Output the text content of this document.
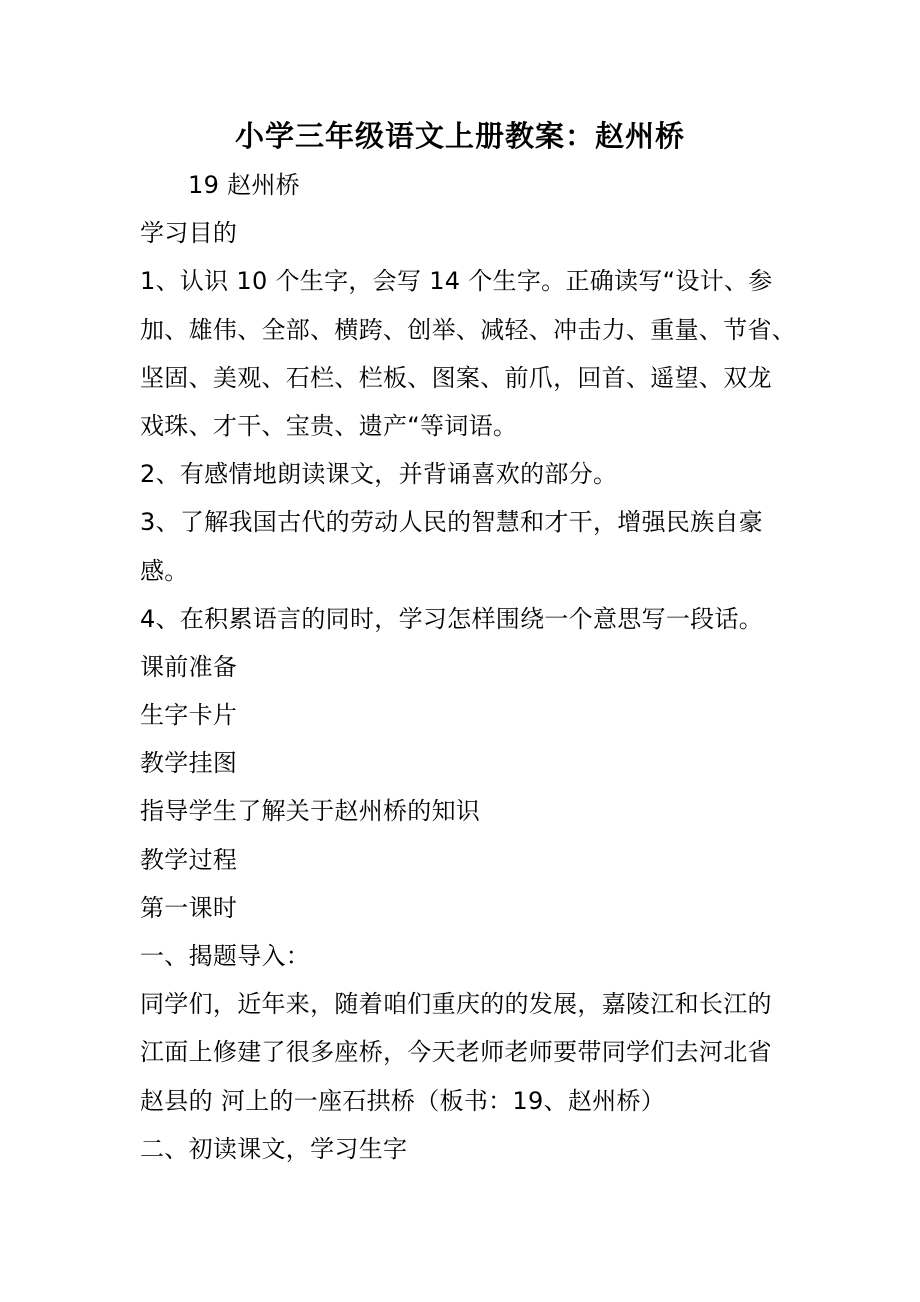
小学三年级语文上册教案：赵州桥
19 赵州桥
学习目的
1、认识 10 个生字，会写 14 个生字。正确读写“设计、参
加、雄伟、全部、横跨、创举、减轻、冲击力、重量、节省、
坚固、美观、石栏、栏板、图案、前爪，回首、遥望、双龙
戏珠、才干、宝贵、遗产“等词语。
2、有感情地朗读课文，并背诵喜欢的部分。
3、了解我国古代的劳动人民的智慧和才干，增强民族自豪
感。
4、在积累语言的同时，学习怎样围绕一个意思写一段话。
课前准备
生字卡片
教学挂图
指导学生了解关于赵州桥的知识
教学过程
第一课时
一、揭题导入：
同学们，近年来，随着咱们重庆的的发展，嘉陵江和长江的
江面上修建了很多座桥，今天老师老师要带同学们去河北省
赵县的 河上的一座石拱桥（板书：19、赵州桥）
二、初读课文，学习生字
